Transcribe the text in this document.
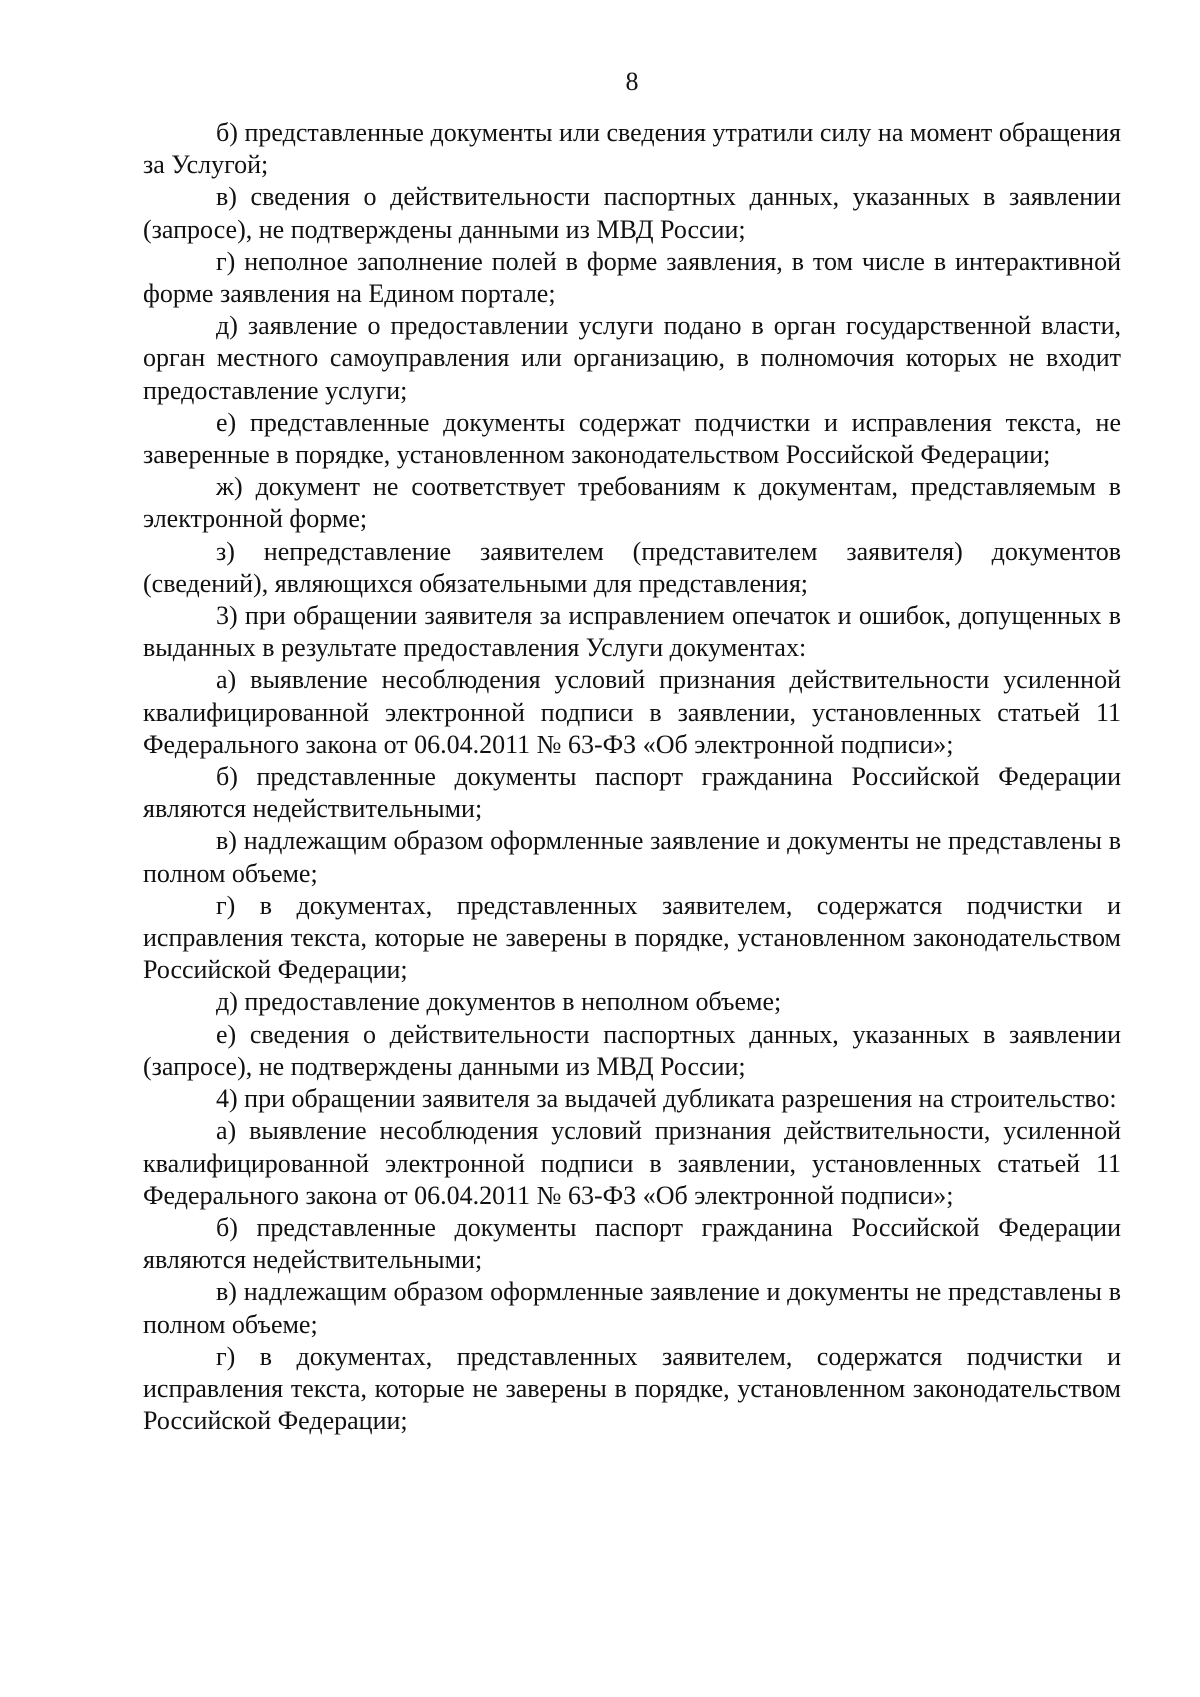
8

б) представленные документы или сведения утратили силу на момент обращения за Услугой;

в) сведения о действительности паспортных данных, указанных в заявлении (запросе), не подтверждены данными из МВД России;

г) неполное заполнение полей в форме заявления, в том числе в интерактивной форме заявления на Едином портале;

д) заявление о предоставлении услуги подано в орган государственной власти, орган местного самоуправления или организацию, в полномочия которых не входит предоставление услуги;

е) представленные документы содержат подчистки и исправления текста, не заверенные в порядке, установленном законодательством Российской Федерации;

ж) документ не соответствует требованиям к документам, представляемым в электронной форме;

з) непредставление заявителем (представителем заявителя) документов (сведений), являющихся обязательными для представления;

3) при обращении заявителя за исправлением опечаток и ошибок, допущенных в выданных в результате предоставления Услуги документах:

а) выявление несоблюдения условий признания действительности усиленной квалифицированной электронной подписи в заявлении, установленных статьей 11 Федерального закона от 06.04.2011 № 63-ФЗ «Об электронной подписи»;

б) представленные документы паспорт гражданина Российской Федерации являются недействительными;

в) надлежащим образом оформленные заявление и документы не представлены в полном объеме;

г) в документах, представленных заявителем, содержатся подчистки и исправления текста, которые не заверены в порядке, установленном законодательством Российской Федерации;

д) предоставление документов в неполном объеме;

е) сведения о действительности паспортных данных, указанных в заявлении (запросе), не подтверждены данными из МВД России;

4) при обращении заявителя за выдачей дубликата разрешения на строительство:

а) выявление несоблюдения условий признания действительности, усиленной квалифицированной электронной подписи в заявлении, установленных статьей 11 Федерального закона от 06.04.2011 № 63-ФЗ «Об электронной подписи»;

б) представленные документы паспорт гражданина Российской Федерации являются недействительными;

в) надлежащим образом оформленные заявление и документы не представлены в полном объеме;

г) в документах, представленных заявителем, содержатся подчистки и исправления текста, которые не заверены в порядке, установленном законодательством Российской Федерации;
